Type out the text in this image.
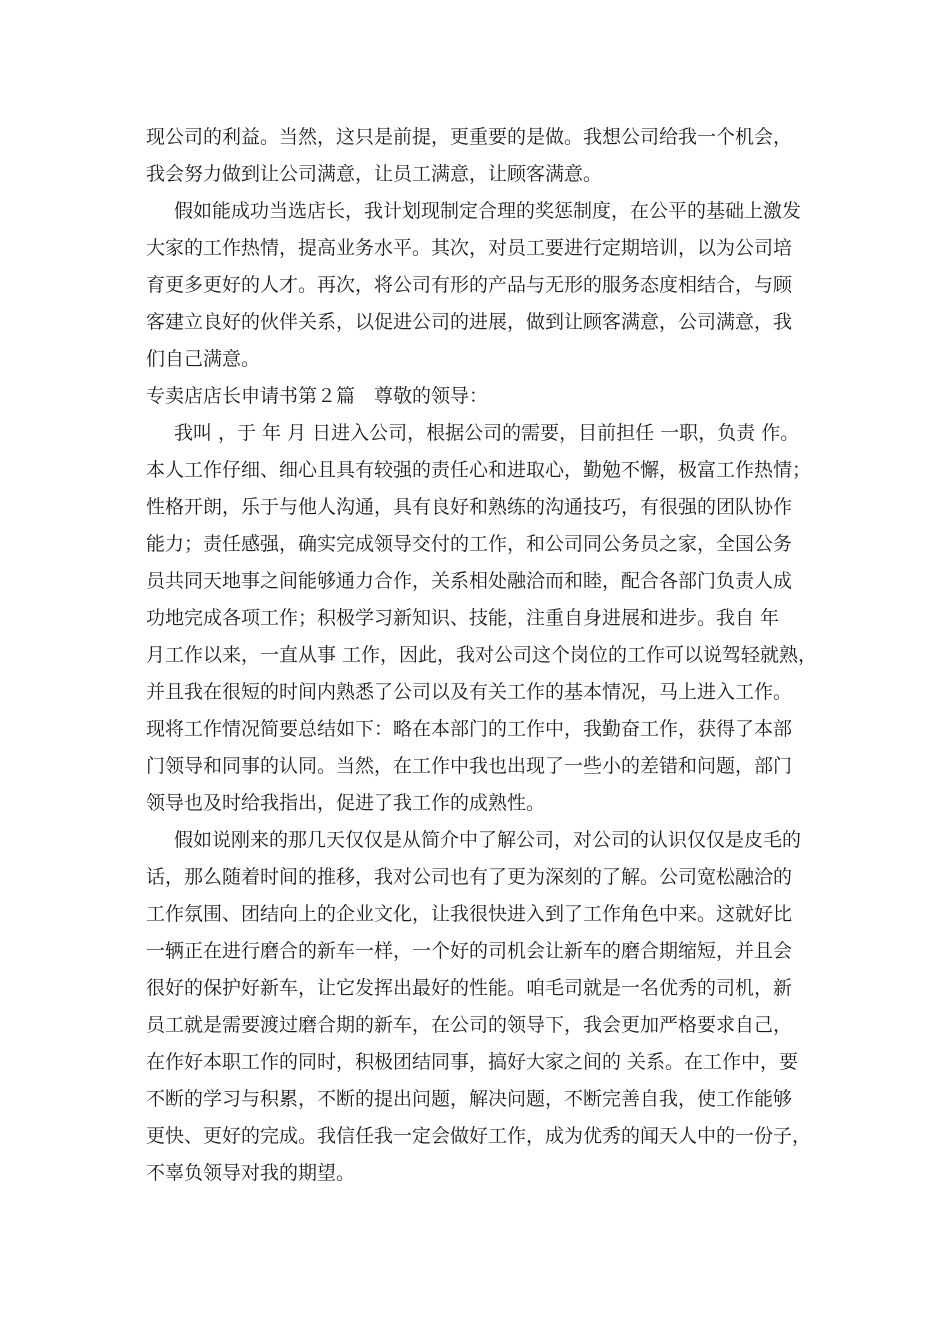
现公司的利益。当然，这只是前提，更重要的是做。我想公司给我一个机会，
我会努力做到让公司满意，让员工满意，让顾客满意。
假如能成功当选店长，我计划现制定合理的奖惩制度，在公平的基础上激发
大家的工作热情，提高业务水平。其次，对员工要进行定期培训，以为公司培
育更多更好的人才。再次，将公司有形的产品与无形的服务态度相结合，与顾
客建立良好的伙伴关系，以促进公司的进展，做到让顾客满意，公司满意，我
们自己满意。
专卖店店长申请书第２篇　尊敬的领导：
我叫 ，于 年 月 日进入公司，根据公司的需要，目前担任 一职，负责 作。
本人工作仔细、细心且具有较强的责任心和进取心，勤勉不懈，极富工作热情；
性格开朗，乐于与他人沟通，具有良好和熟练的沟通技巧，有很强的团队协作
能力；责任感强，确实完成领导交付的工作，和公司同公务员之家，全国公务
员共同天地事之间能够通力合作，关系相处融洽而和睦，配合各部门负责人成
功地完成各项工作；积极学习新知识、技能，注重自身进展和进步。我自 年
月工作以来，一直从事 工作，因此，我对公司这个岗位的工作可以说驾轻就熟，
并且我在很短的时间内熟悉了公司以及有关工作的基本情况，马上进入工作。
现将工作情况简要总结如下：略在本部门的工作中，我勤奋工作，获得了本部
门领导和同事的认同。当然，在工作中我也出现了一些小的差错和问题，部门
领导也及时给我指出，促进了我工作的成熟性。
假如说刚来的那几天仅仅是从简介中了解公司，对公司的认识仅仅是皮毛的
话，那么随着时间的推移，我对公司也有了更为深刻的了解。公司宽松融洽的
工作氛围、团结向上的企业文化，让我很快进入到了工作角色中来。这就好比
一辆正在进行磨合的新车一样，一个好的司机会让新车的磨合期缩短，并且会
很好的保护好新车，让它发挥出最好的性能。咱毛司就是一名优秀的司机，新
员工就是需要渡过磨合期的新车，在公司的领导下，我会更加严格要求自己，
在作好本职工作的同时，积极团结同事，搞好大家之间的 关系。在工作中，要
不断的学习与积累，不断的提出问题，解决问题，不断完善自我，使工作能够
更快、更好的完成。我信任我一定会做好工作，成为优秀的闻天人中的一份子，
不辜负领导对我的期望。
